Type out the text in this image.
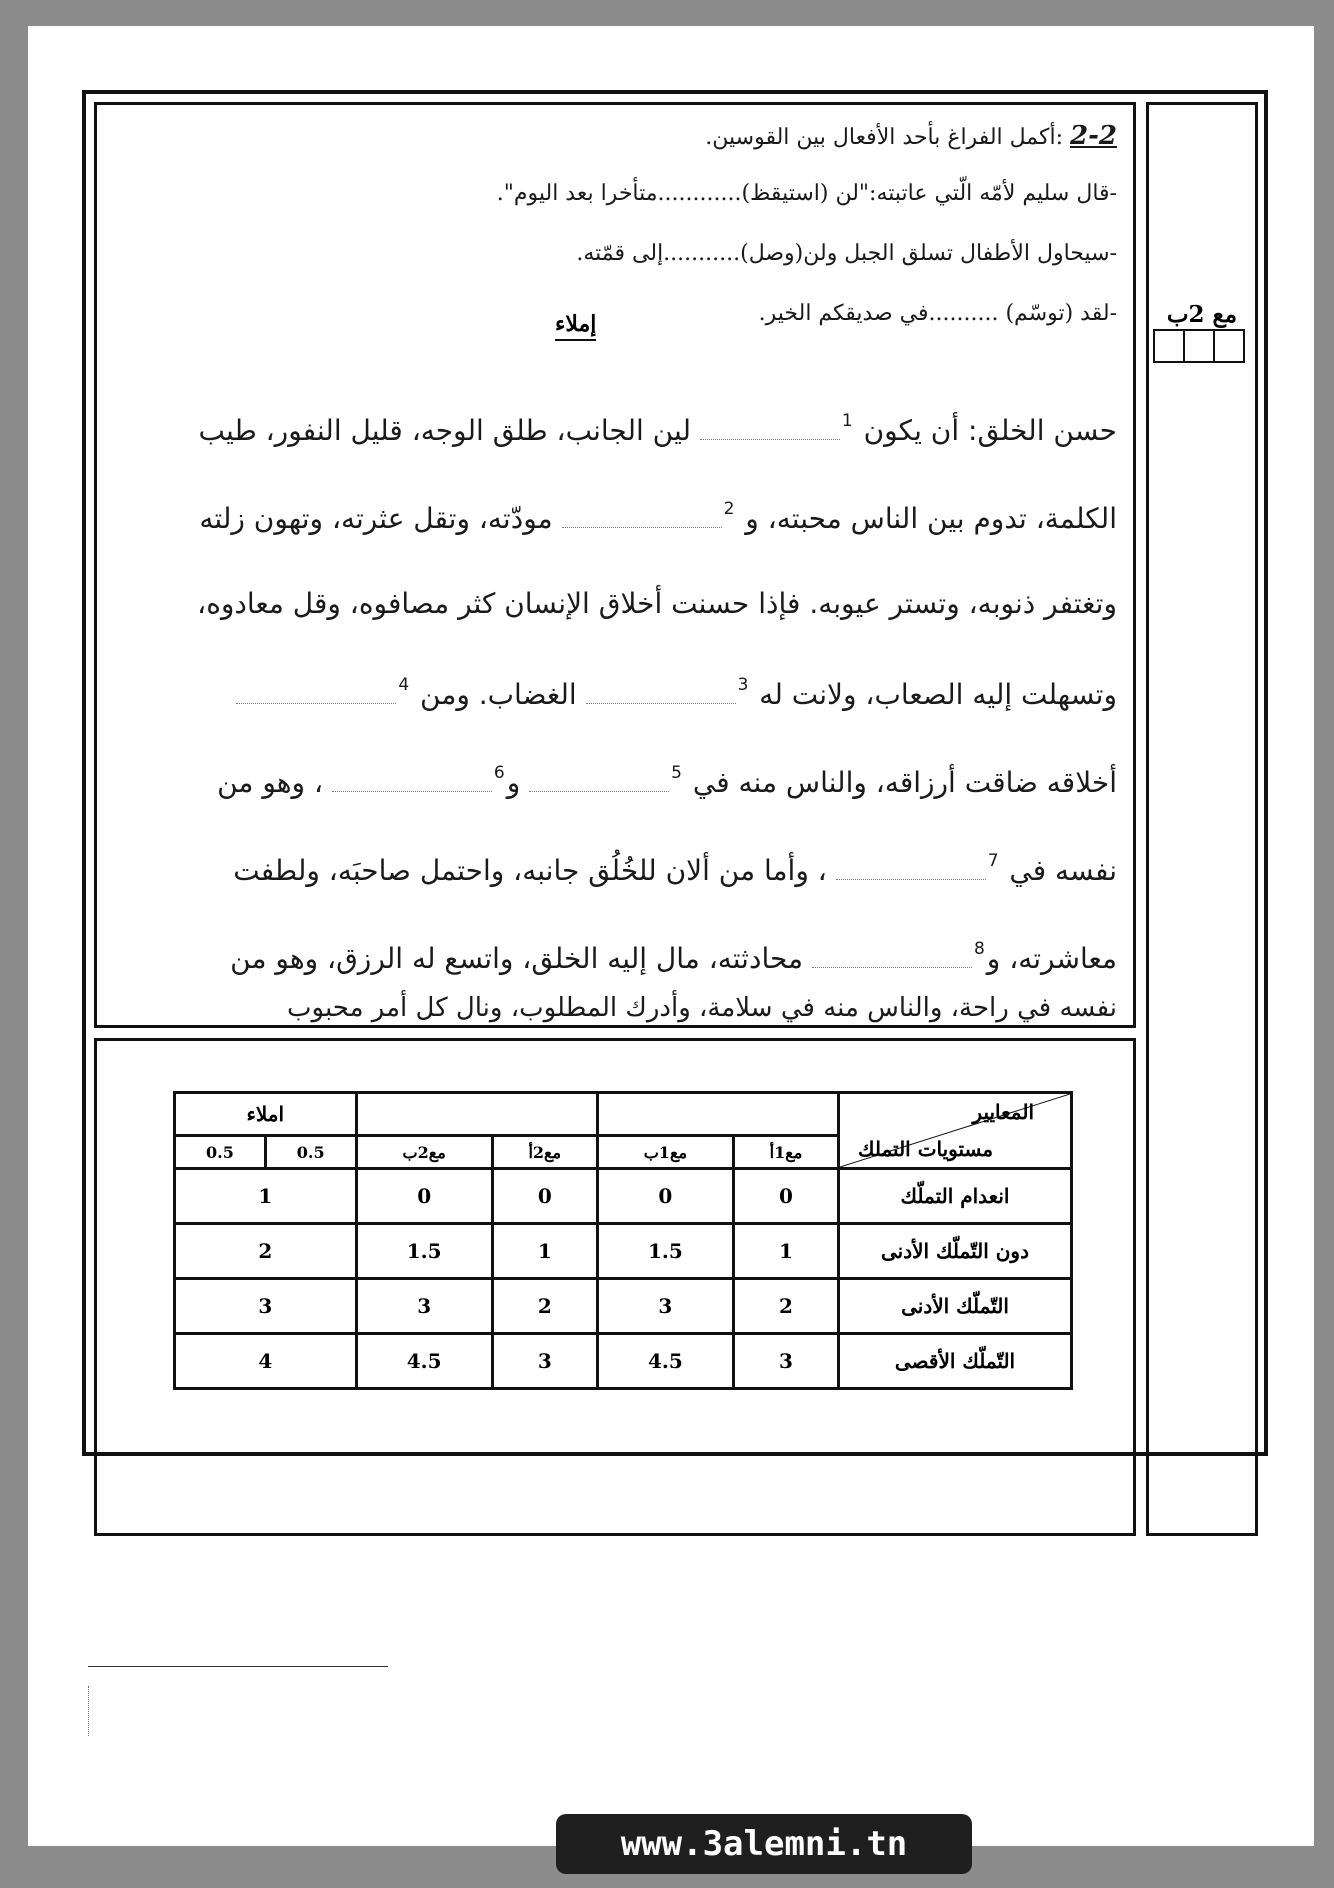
2-2 :أكمل الفراغ بأحد الأفعال بين القوسين.
-قال سليم لأمّه الّتي عاتبته:"لن (استيقظ)............متأخرا بعد اليوم".
-سيحاول الأطفال تسلق الجبل ولن(وصل)...........إلى قمّته.
-لقد (توسّم) ..........في صديقكم الخير.
إملاء
حسن الخلق: أن يكون $^1$ لين الجانب، طلق الوجه، قليل النفور، طيب
الكلمة، تدوم بين الناس محبته، و $^2$ مودّته، وتقل عثرته، وتهون زلته
وتغتفر ذنوبه، وتستر عيوبه. فإذا حسنت أخلاق الإنسان كثر مصافوه، وقل معادوه،
وتسهلت إليه الصعاب، ولانت له $^3$ الغضاب. ومن $^4$
أخلاقه ضاقت أرزاقه، والناس منه في $^5$ و$^6$ ، وهو من
نفسه في $^7$ ، وأما من ألان للخُلُق جانبه، واحتمل صاحبَه، ولطفت
معاشرته، و$^8$ محادثته، مال إليه الخلق، واتسع له الرزق، وهو من
نفسه في راحة، والناس منه في سلامة، وأدرك المطلوب، ونال كل أمر محبوب
المعايير
مستويات التملك					املاء	
	مع1أ	مع1ب	مع2أ	مع2ب	0.5	0.5
انعدام التملّك	0	0	0	0	1	
دون التّملّك الأدنى	1	1.5	1	1.5	2	
التّملّك الأدنى	2	3	2	3	3	
التّملّك الأقصى	3	4.5	3	4.5	4	
مع 2ب
www.3alemni.tn
